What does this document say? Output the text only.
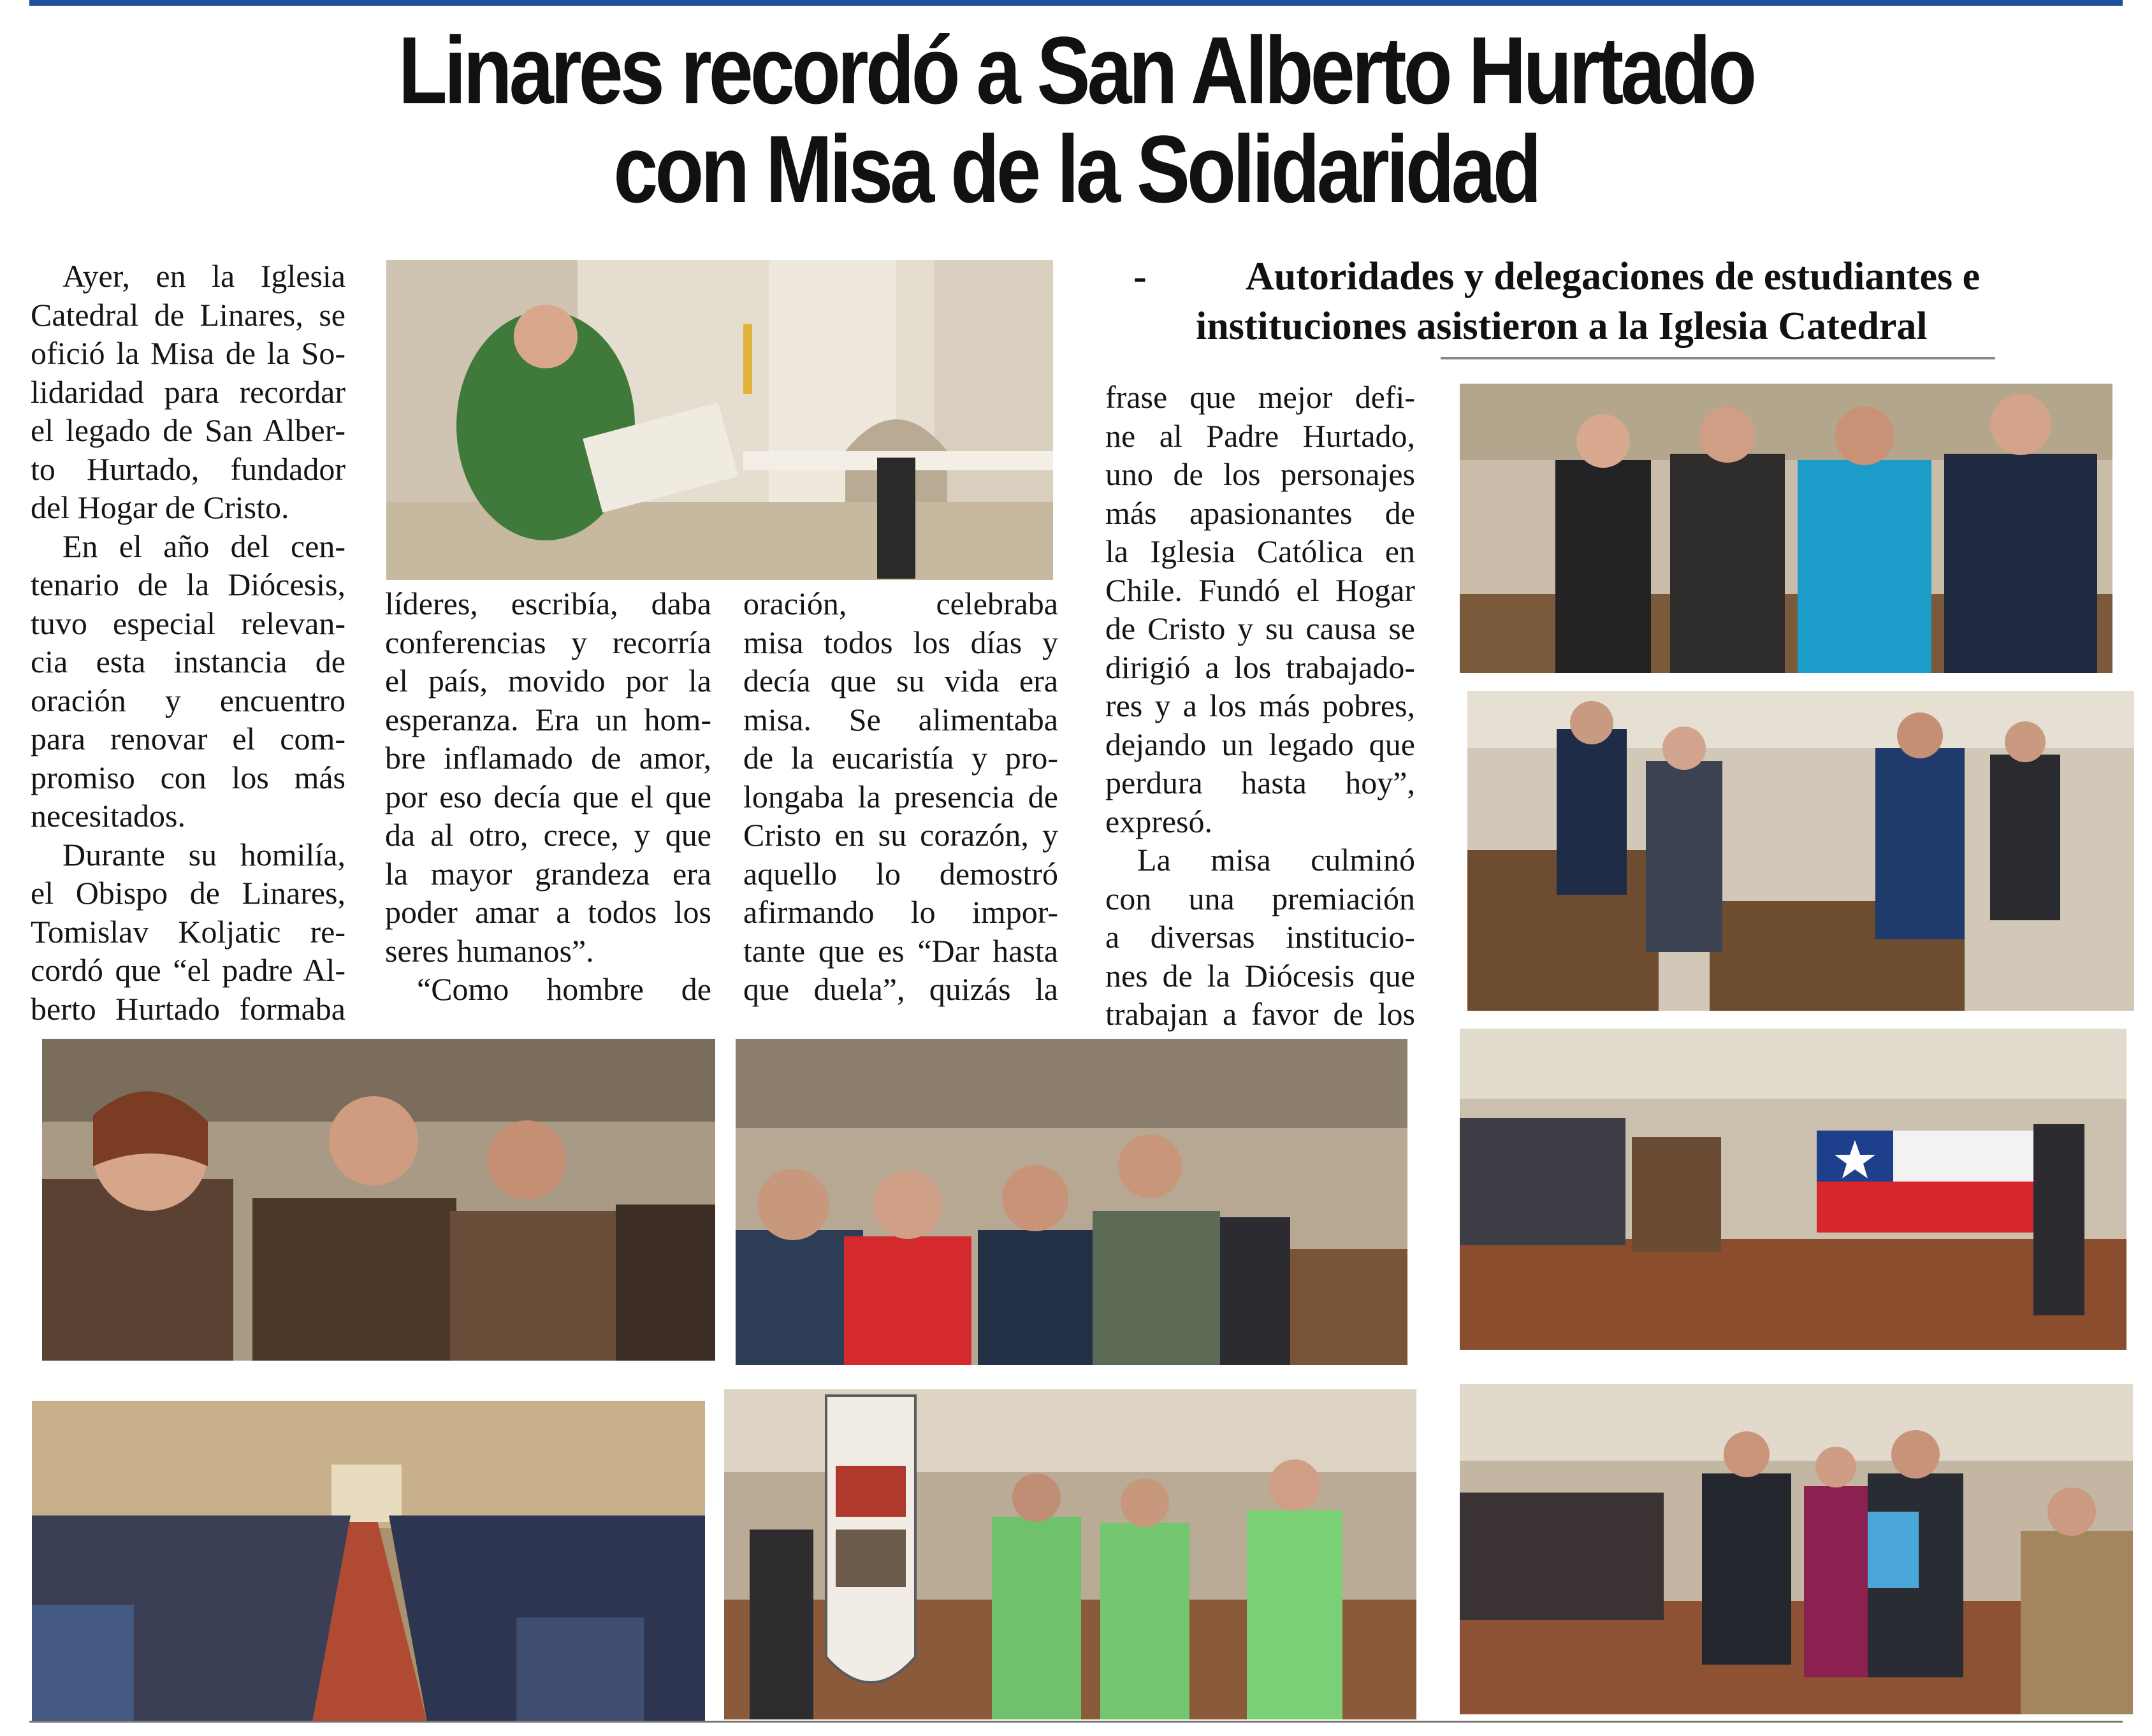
Linares recordó a San Alberto Hurtado
con Misa de la Solidaridad

Ayer, en la Iglesia

Catedral de Linares, se

ofició la Misa de la So-

lidaridad para recordar

el legado de San Alber-

to Hurtado, fundador

del Hogar de Cristo.

En el año del cen-

tenario de la Diócesis,

tuvo especial relevan-

cia esta instancia de

oración y encuentro

para renovar el com-

promiso con los más

necesitados.

Durante su homilía,

el Obispo de Linares,

Tomislav Koljatic re-

cordó que “el padre Al-

berto Hurtado formaba

líderes, escribía, daba

conferencias y recorría

el país, movido por la

esperanza. Era un hom-

bre inflamado de amor,

por eso decía que el que

da al otro, crece, y que

la mayor grandeza era

poder amar a todos los

seres humanos”.

“Como hombre de

oración, celebraba

misa todos los días y

decía que su vida era

misa. Se alimentaba

de la eucaristía y pro-

longaba la presencia de

Cristo en su corazón, y

aquello lo demostró

afirmando lo impor-

tante que es “Dar hasta

que duela”, quizás la

frase que mejor defi-

ne al Padre Hurtado,

uno de los personajes

más apasionantes de

la Iglesia Católica en

Chile. Fundó el Hogar

de Cristo y su causa se

dirigió a los trabajado-

res y a los más pobres,

dejando un legado que

perdura hasta hoy”,

expresó.

La misa culminó

con una premiación

a diversas institucio-

nes de la Diócesis que

trabajan a favor de los

-	Autoridades y delegaciones de estudiantes e
instituciones asistieron a la Iglesia Catedral
